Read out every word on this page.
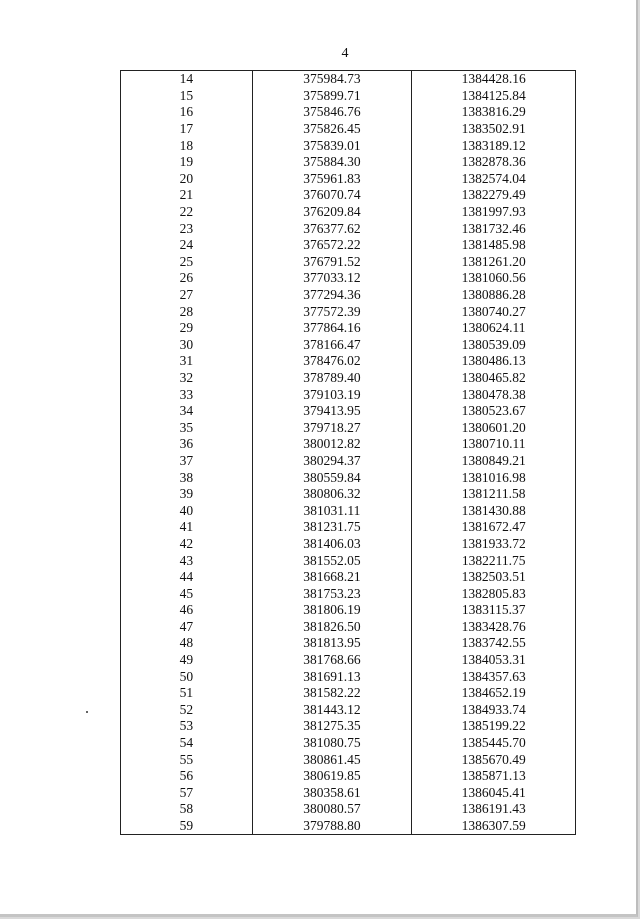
4
14	375984.73	1384428.16
15	375899.71	1384125.84
16	375846.76	1383816.29
17	375826.45	1383502.91
18	375839.01	1383189.12
19	375884.30	1382878.36
20	375961.83	1382574.04
21	376070.74	1382279.49
22	376209.84	1381997.93
23	376377.62	1381732.46
24	376572.22	1381485.98
25	376791.52	1381261.20
26	377033.12	1381060.56
27	377294.36	1380886.28
28	377572.39	1380740.27
29	377864.16	1380624.11
30	378166.47	1380539.09
31	378476.02	1380486.13
32	378789.40	1380465.82
33	379103.19	1380478.38
34	379413.95	1380523.67
35	379718.27	1380601.20
36	380012.82	1380710.11
37	380294.37	1380849.21
38	380559.84	1381016.98
39	380806.32	1381211.58
40	381031.11	1381430.88
41	381231.75	1381672.47
42	381406.03	1381933.72
43	381552.05	1382211.75
44	381668.21	1382503.51
45	381753.23	1382805.83
46	381806.19	1383115.37
47	381826.50	1383428.76
48	381813.95	1383742.55
49	381768.66	1384053.31
50	381691.13	1384357.63
51	381582.22	1384652.19
52	381443.12	1384933.74
53	381275.35	1385199.22
54	381080.75	1385445.70
55	380861.45	1385670.49
56	380619.85	1385871.13
57	380358.61	1386045.41
58	380080.57	1386191.43
59	379788.80	1386307.59
